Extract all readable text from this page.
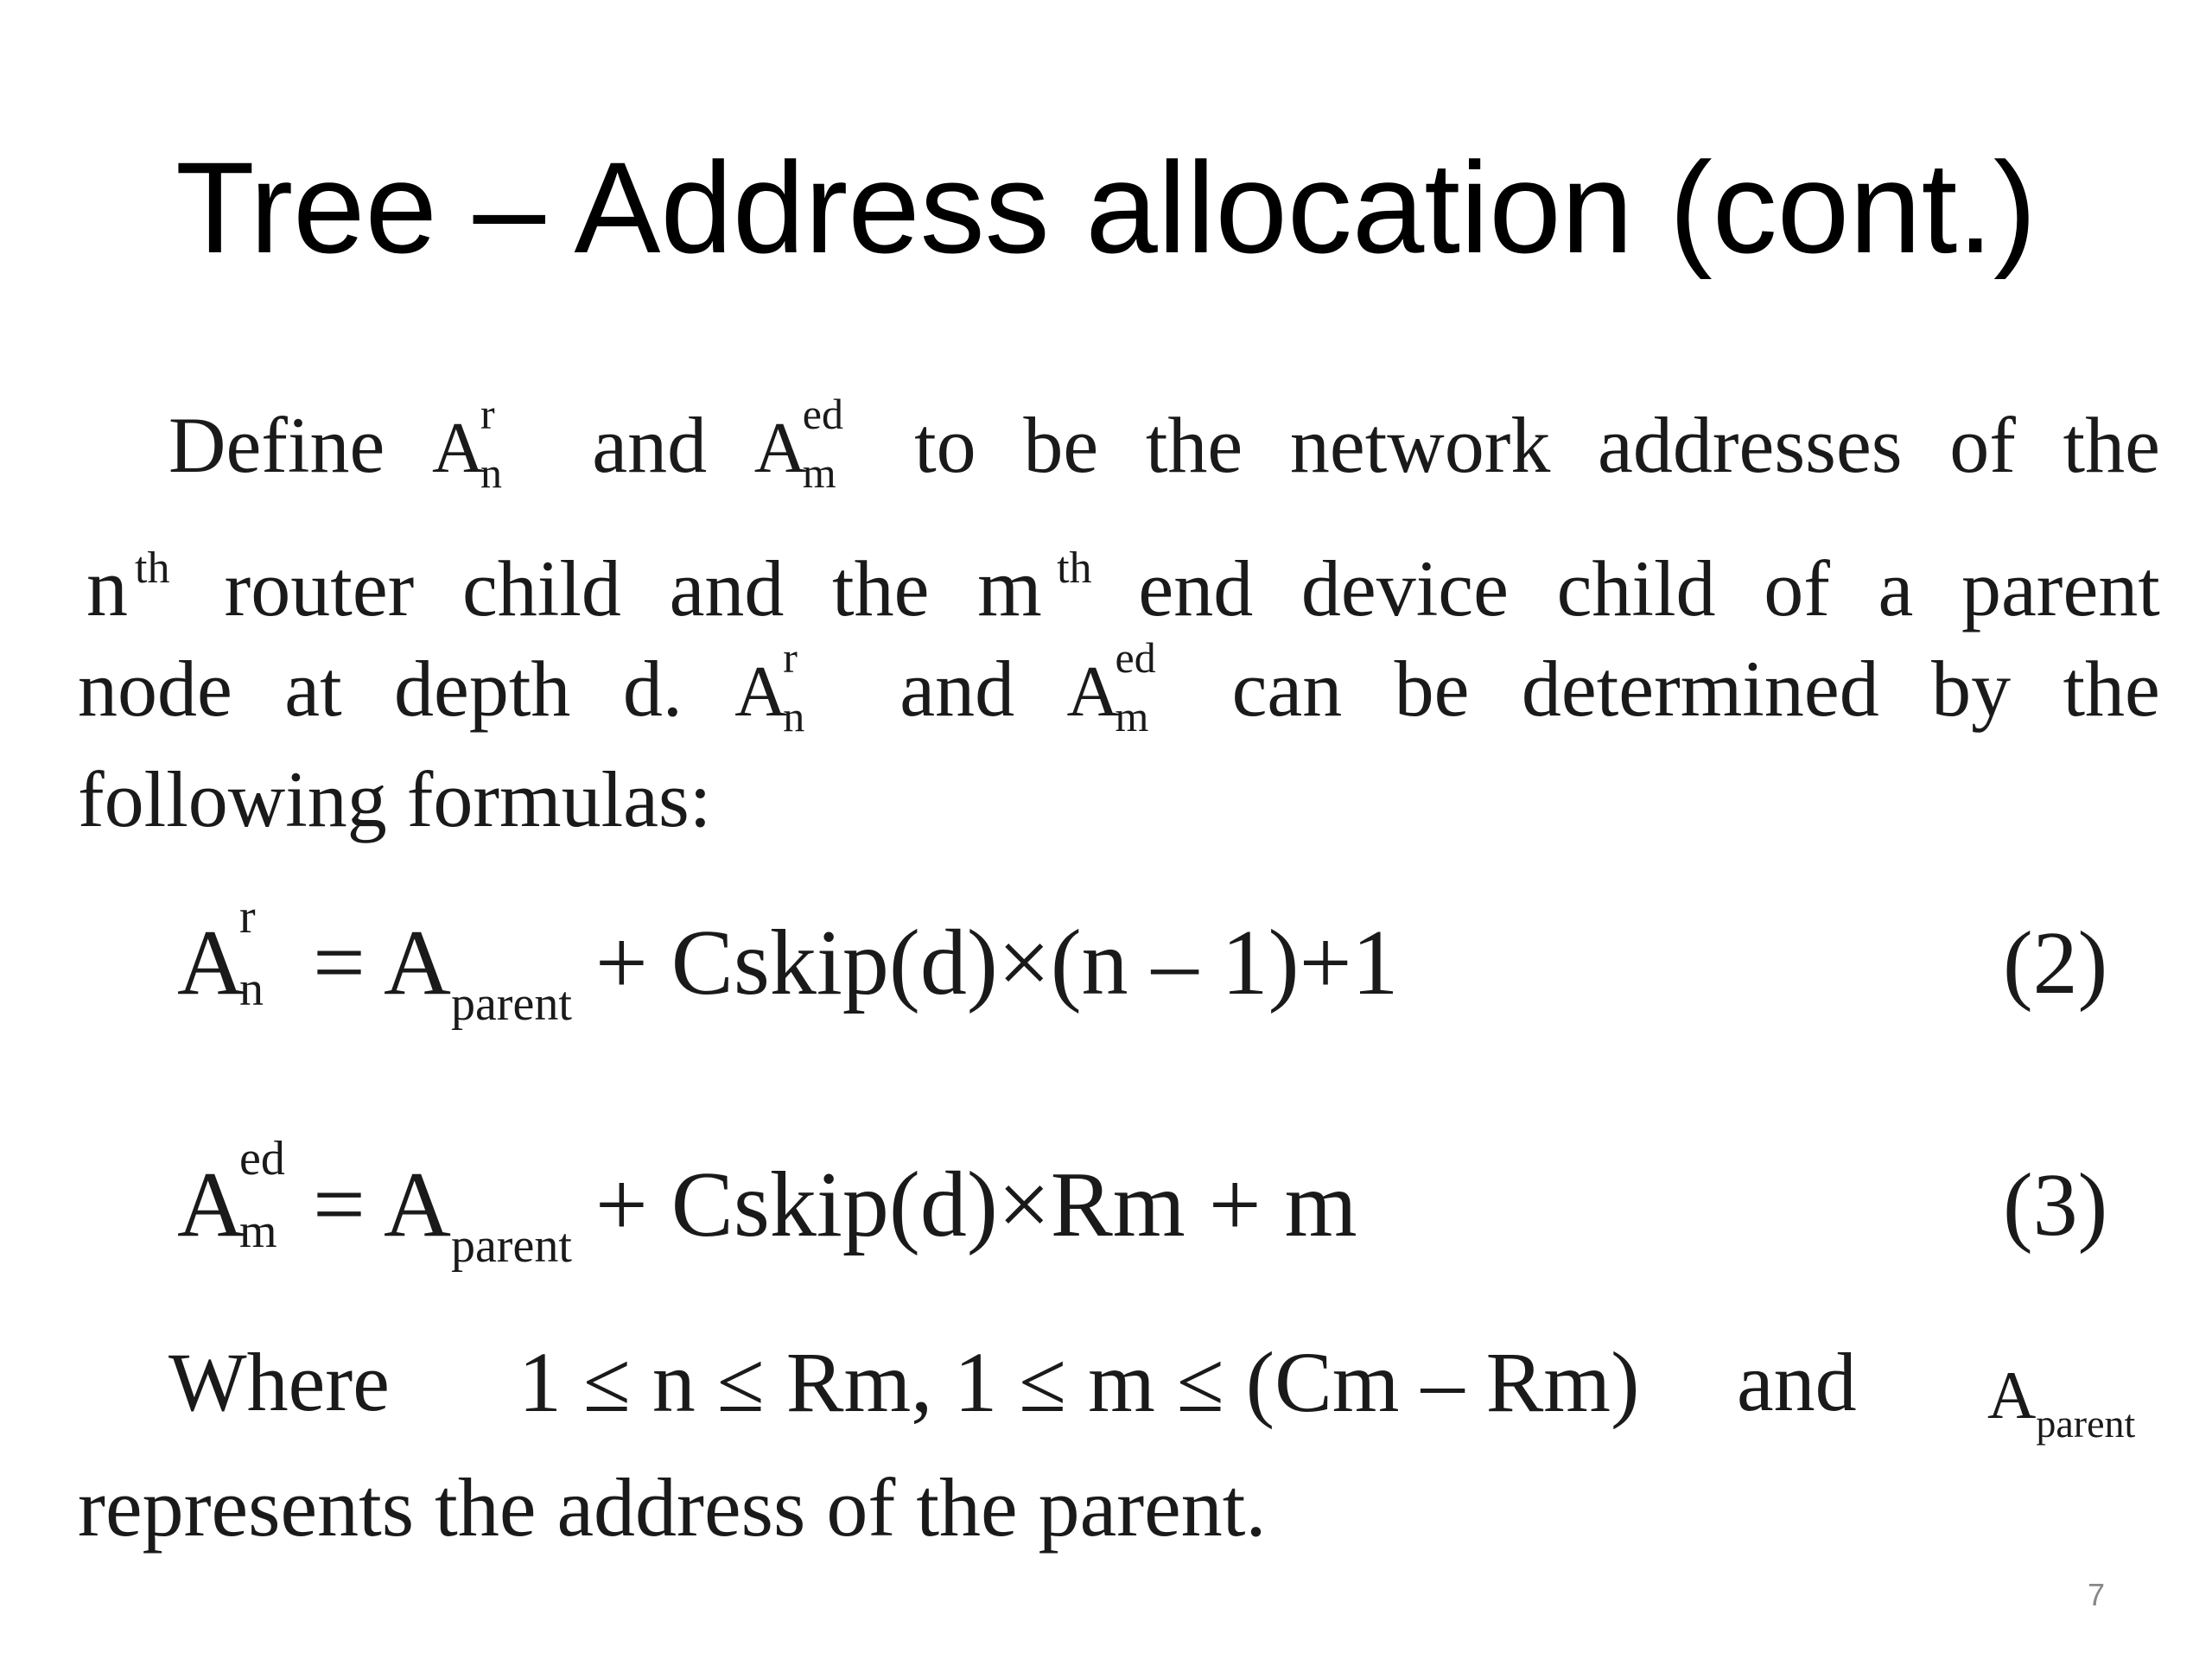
Tree – Address allocation (cont.)
Define A
r
n and A
ed
m to be the network addresses of the
n th router child and the m th end device child of a parent
node at depth d. A
r
n and A
ed
m can be determined by the
following formulas:
A
r
$n = A_{parent}$ + Cskip(d)×(n – 1)+1	(2)
A
ed
$m = A_{parent}$ + Cskip(d)×Rm + m	(3)
Where 1 ≤ n ≤ Rm, 1 ≤ m ≤ (Cm – Rm) and $A_{parent}$
represents the address of the parent.
7
